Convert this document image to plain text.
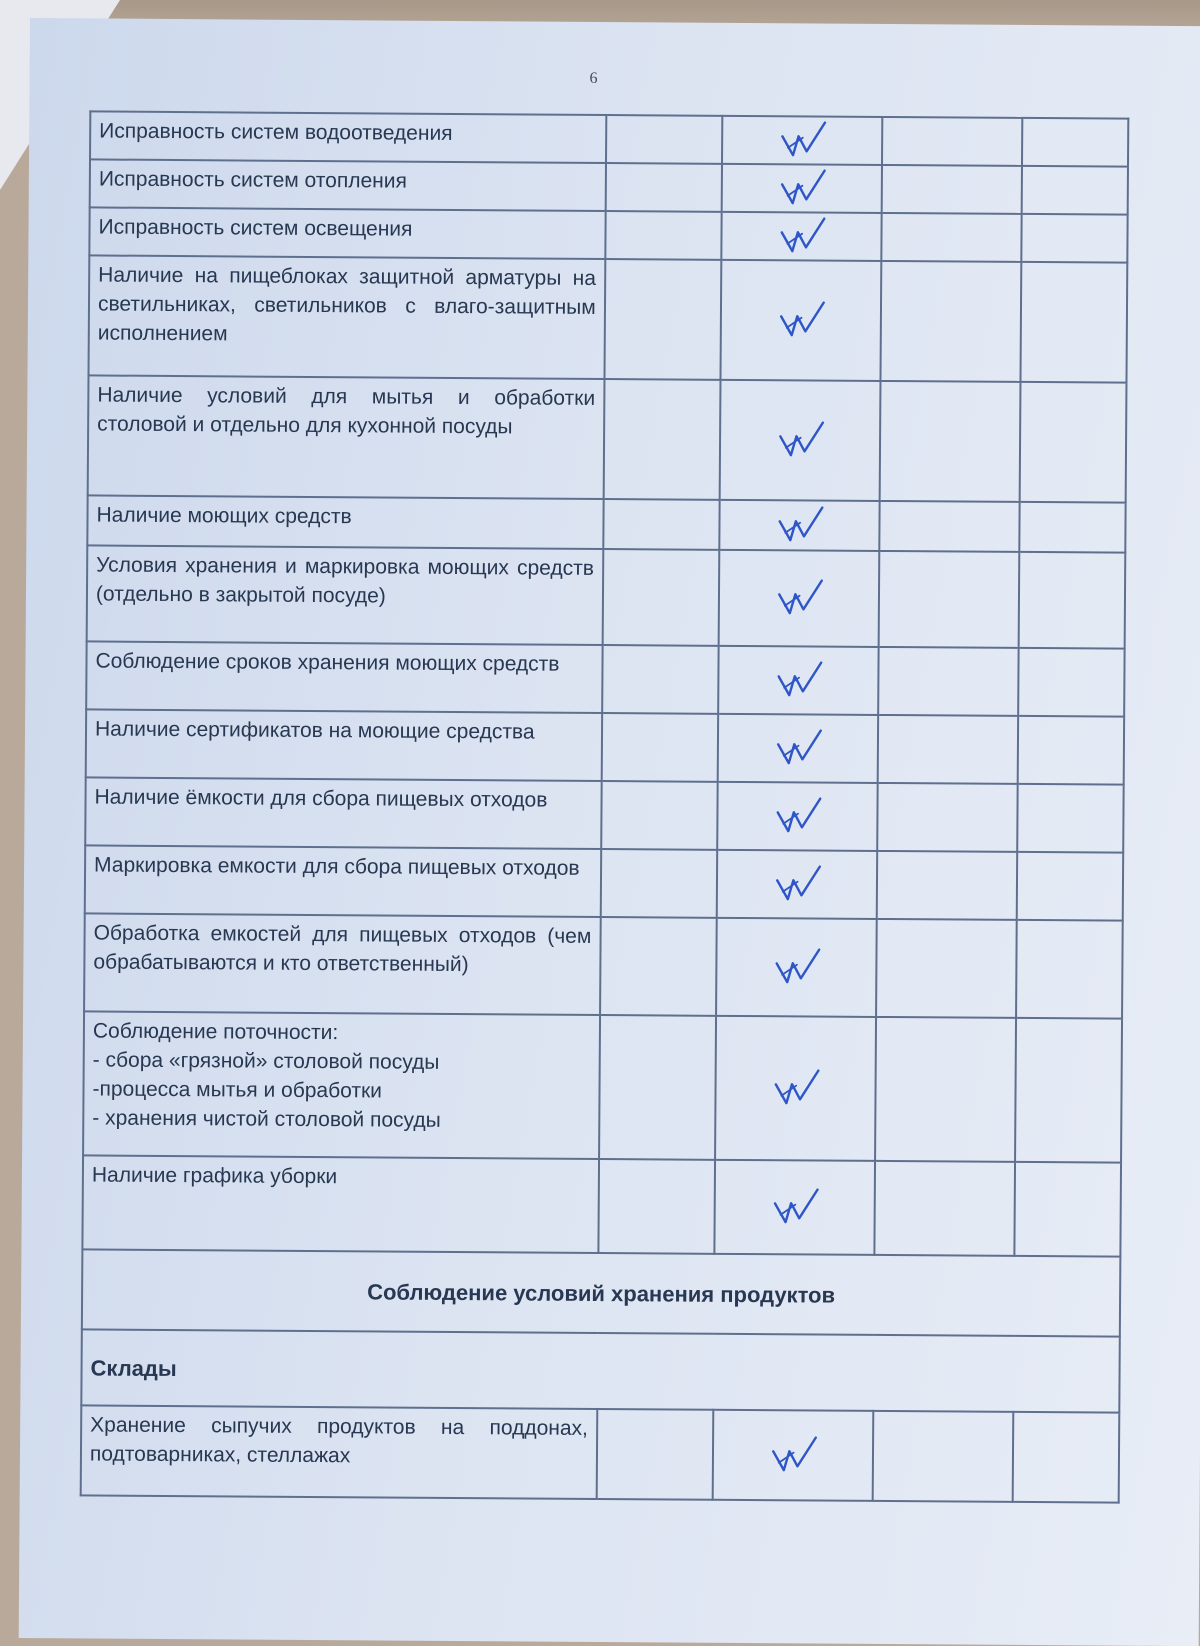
6
Исправность систем водоотведения		

Исправность систем отопления		

Исправность систем освещения		

Наличие на пищеблоках защитной арматуры на светильниках, светильников с влаго-защитным исполнением		

Наличие условий для мытья и обработки столовой и отдельно для кухонной посуды		

Наличие моющих средств		

Условия хранения и маркировка моющих средств (отдельно в закрытой посуде)		

Соблюдение сроков хранения моющих средств		

Наличие сертификатов на моющие средства		

Наличие ёмкости для сбора пищевых отходов		

Маркировка емкости для сбора пищевых отходов		

Обработка емкостей для пищевых отходов (чем обрабатываются и кто ответственный)		

Соблюдение поточности:
- сбора «грязной» столовой посуды
-процесса мытья и обработки
- хранения чистой столовой посуды

Наличие графика уборки		

Соблюдение условий хранения продуктов				
Склады				
Хранение сыпучих продуктов на поддонах, подтоварниках, стеллажах		
